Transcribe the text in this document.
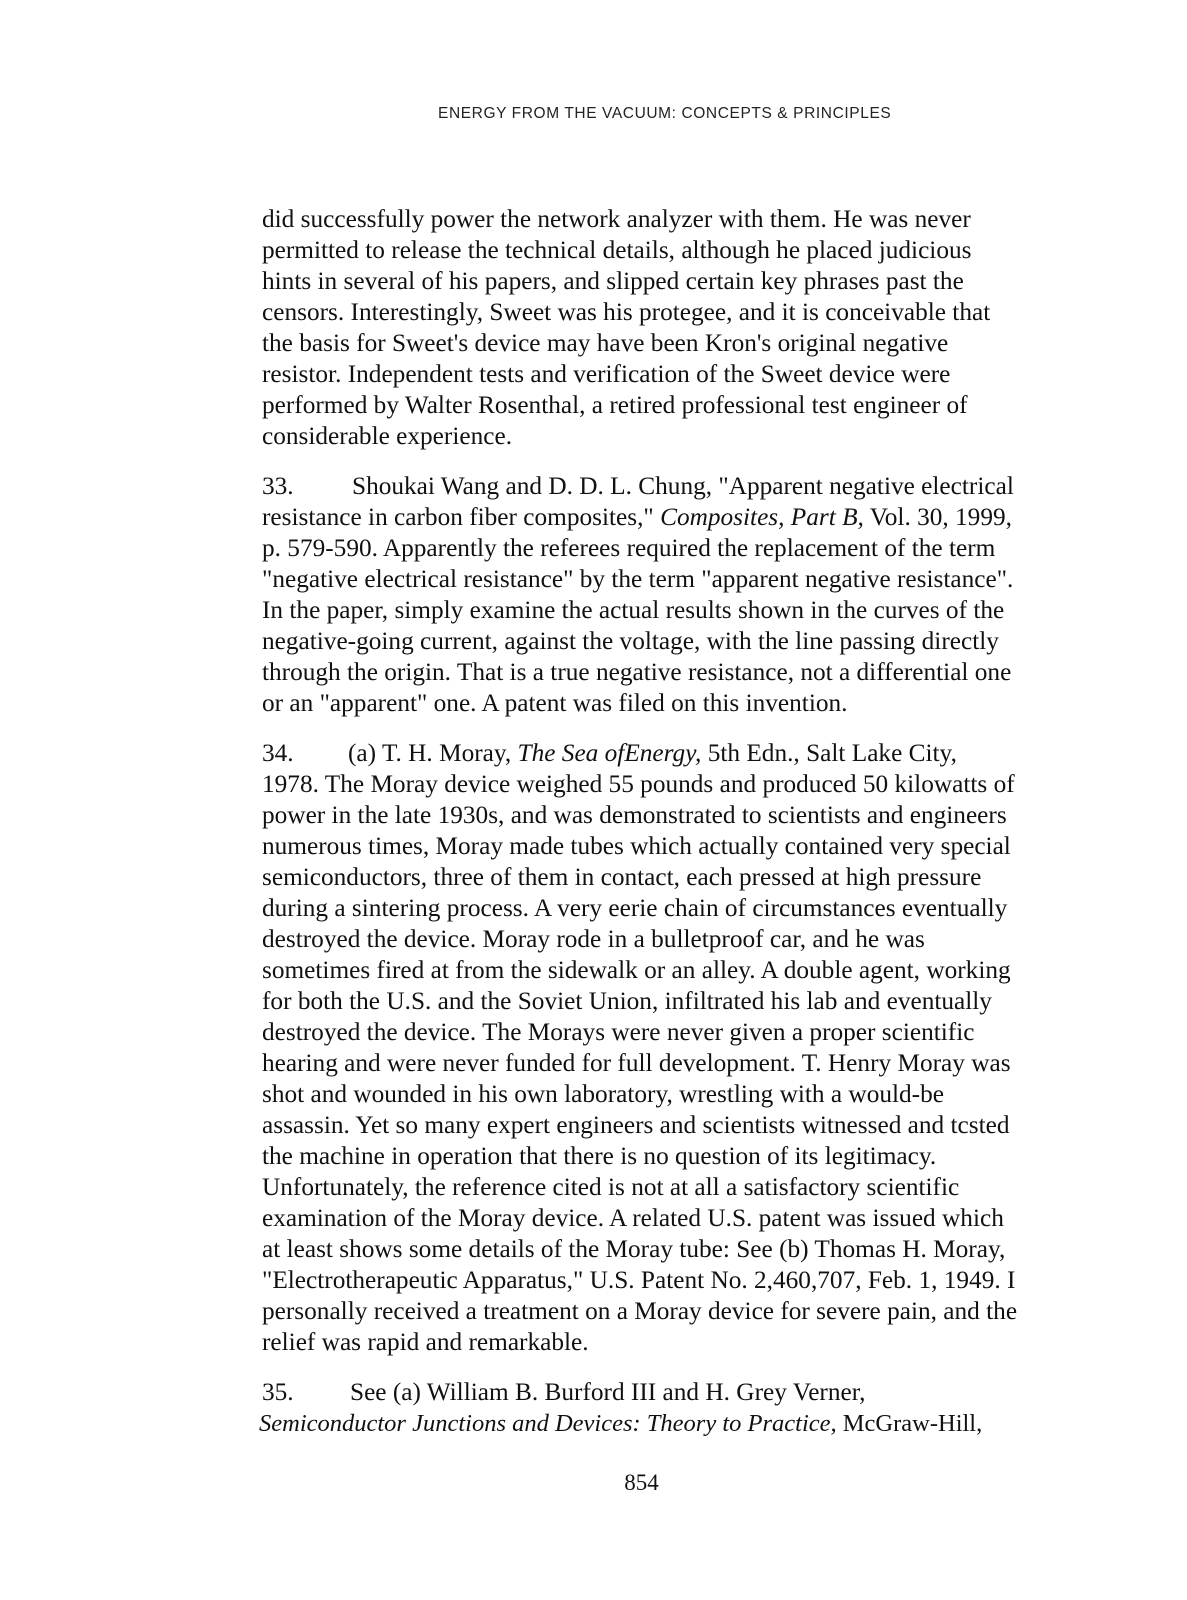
ENERGY FROM THE VACUUM: CONCEPTS & PRINCIPLES

did successfully power the network analyzer with them. He was never
permitted to release the technical details, although he placed judicious
hints in several of his papers, and slipped certain key phrases past the
censors. Interestingly, Sweet was his protegee, and it is conceivable that
the basis for Sweet's device may have been Kron's original negative
resistor. Independent tests and verification of the Sweet device were
performed by Walter Rosenthal, a retired professional test engineer of
considerable experience.

33. Shoukai Wang and D. D. L. Chung, "Apparent negative electrical
resistance in carbon fiber composites," Composites, Part B, Vol. 30, 1999,
p. 579-590. Apparently the referees required the replacement of the term
"negative electrical resistance" by the term "apparent negative resistance".
In the paper, simply examine the actual results shown in the curves of the
negative-going current, against the voltage, with the line passing directly
through the origin. That is a true negative resistance, not a differential one
or an "apparent" one. A patent was filed on this invention.

34. (a) T. H. Moray, The Sea ofEnergy, 5th Edn., Salt Lake City,
1978. The Moray device weighed 55 pounds and produced 50 kilowatts of
power in the late 1930s, and was demonstrated to scientists and engineers
numerous times, Moray made tubes which actually contained very special
semiconductors, three of them in contact, each pressed at high pressure
during a sintering process. A very eerie chain of circumstances eventually
destroyed the device. Moray rode in a bulletproof car, and he was
sometimes fired at from the sidewalk or an alley. A double agent, working
for both the U.S. and the Soviet Union, infiltrated his lab and eventually
destroyed the device. The Morays were never given a proper scientific
hearing and were never funded for full development. T. Henry Moray was
shot and wounded in his own laboratory, wrestling with a would-be
assassin. Yet so many expert engineers and scientists witnessed and tcsted
the machine in operation that there is no question of its legitimacy.
Unfortunately, the reference cited is not at all a satisfactory scientific
examination of the Moray device. A related U.S. patent was issued which
at least shows some details of the Moray tube: See (b) Thomas H. Moray,
"Electrotherapeutic Apparatus," U.S. Patent No. 2,460,707, Feb. 1, 1949. I
personally received a treatment on a Moray device for severe pain, and the
relief was rapid and remarkable.

35. See (a) William B. Burford III and H. Grey Verner,
Semiconductor Junctions and Devices: Theory to Practice, McGraw-Hill,

854
